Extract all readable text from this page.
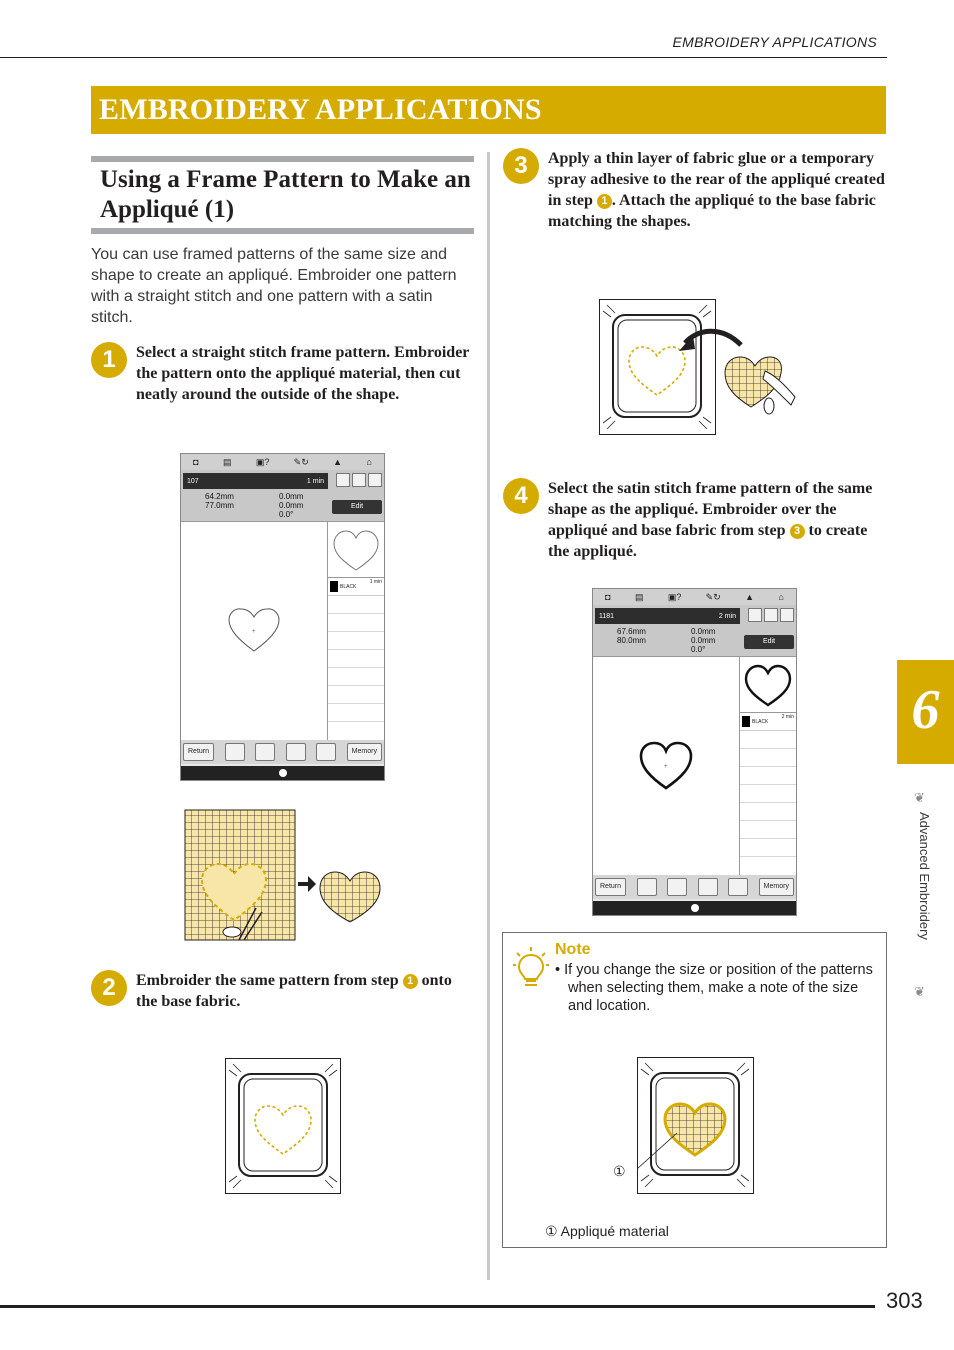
EMBROIDERY APPLICATIONS
EMBROIDERY APPLICATIONS
Using a Frame Pattern to Make an Appliqué (1)

You can use framed patterns of the same size and shape to create an appliqué. Embroider one pattern with a straight stitch and one pattern with a satin stitch.

1	Select a straight stitch frame pattern. Embroider the pattern onto the appliqué material, then cut neatly around the outside of the shape.
◘	▤	▣?	✎↻	▲	⌂
107	1 min
64.2mm
77.0mm
0.0mm
0.0mm
0.0°
Edit
+
BLACK
1 min
Return	Memory
2	Embroider the same pattern from step 1 onto the base fabric.
3	Apply a thin layer of fabric glue or a temporary spray adhesive to the rear of the appliqué created in step 1 . Attach the appliqué to the base fabric matching the shapes.
4	Select the satin stitch frame pattern of the same shape as the appliqué. Embroider over the appliqué and base fabric from step 3 to create the appliqué.
◘	▤	▣?	✎↻	▲	⌂
1181	2 min
67.6mm
80.0mm
0.0mm
0.0mm
0.0°
Edit
+
BLACK
2 min
Return	Memory
Note
• If you change the size or position of the patterns when selecting them, make a note of the size and location.
①
① Appliqué material
6
❦
Advanced Embroidery
❦
303
